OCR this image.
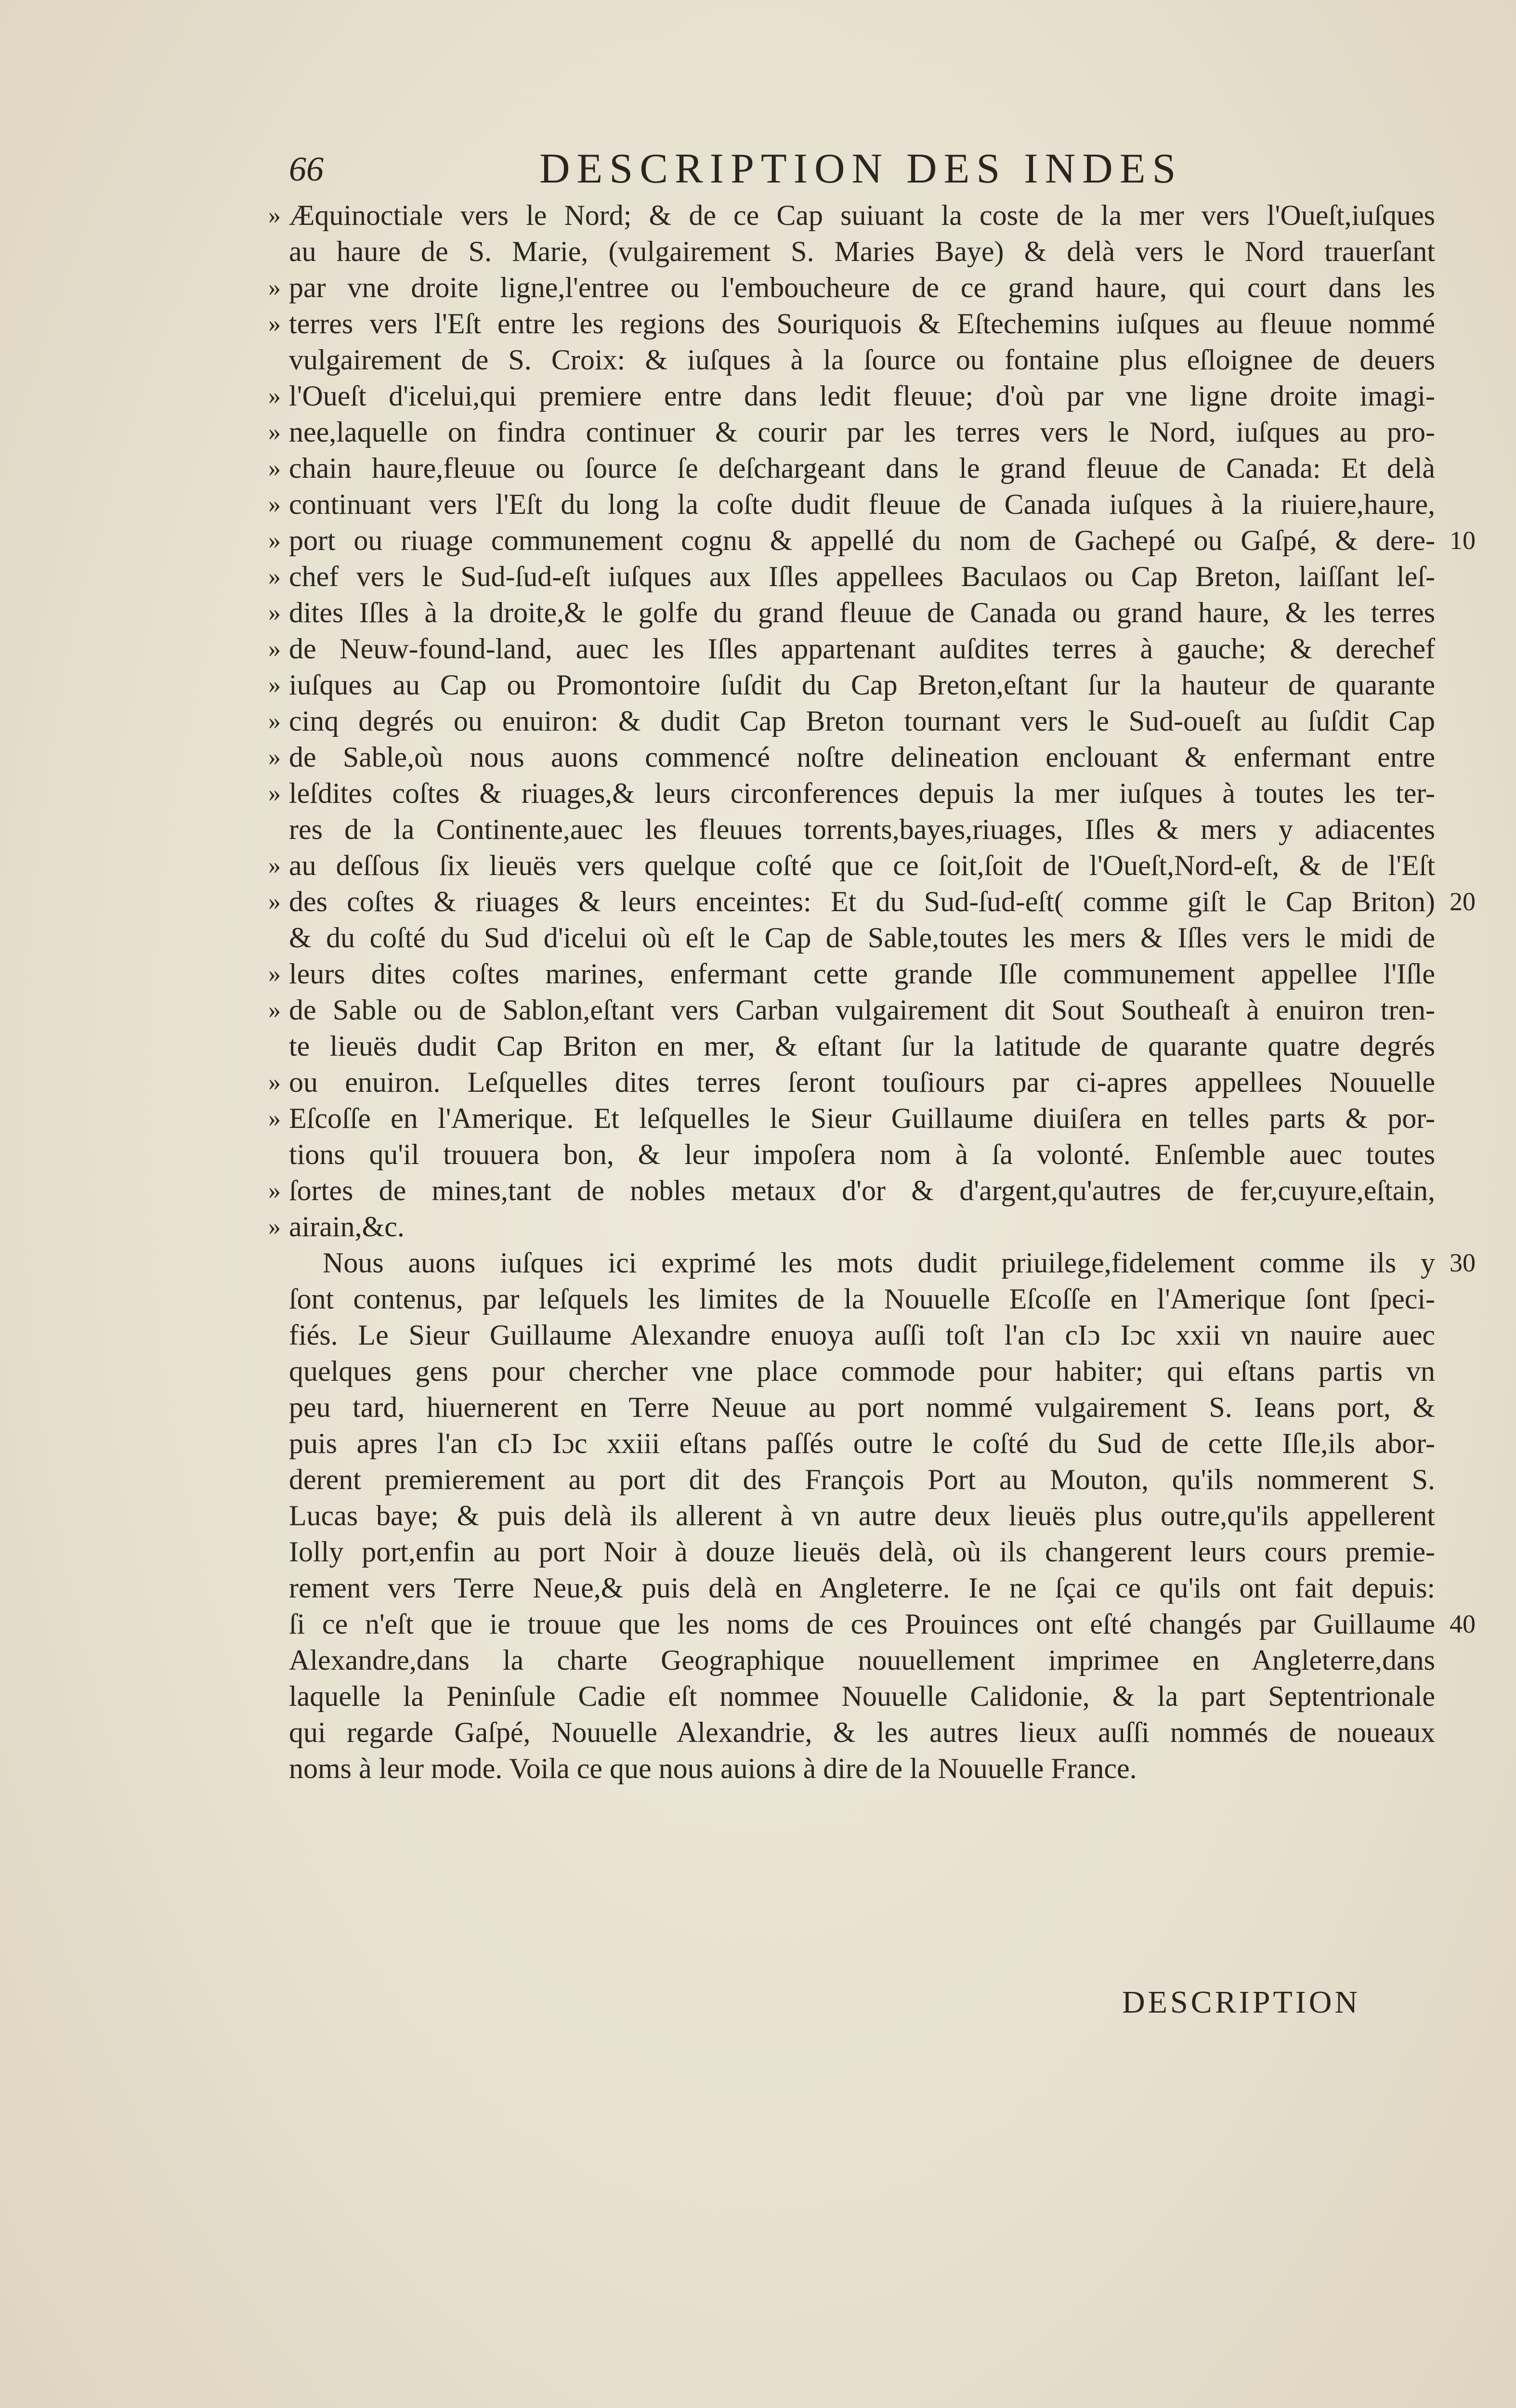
66	DESCRIPTION DES INDES
» Æquinoctiale vers le Nord; & de ce Cap suiuant la coste de la mer vers l'Oueſt,iuſques
au haure de S. Marie, (vulgairement S. Maries Baye) & delà vers le Nord trauerſant
» par vne droite ligne,l'entree ou l'embouchеure de ce grand haure, qui court dans les
» terres vers l'Eſt entre les regions des Souriquois & Eſtechemins iuſques au fleuue nommé
vulgairement de S. Croix: & iuſques à la ſource ou fontaine plus eſloignee de deuers
» l'Oueſt d'icelui,qui premiere entre dans ledit fleuue; d'où par vne ligne droite imagi-
» nee,laquelle on findra continuer & courir par les terres vers le Nord, iuſques au pro-
» chain haure,fleuue ou ſource ſe deſchargeant dans le grand fleuue de Canada: Et delà
» continuant vers l'Eſt du long la coſte dudit fleuue de Canada iuſques à la riuiere,haure,
» port ou riuage communement cognu & appellé du nom de Gachepé ou Gaſpé, & dere- 10
» chef vers le Sud-ſud-eſt iuſques aux Iſles appellees Baculaos ou Cap Breton, laiſſant leſ-
» dites Iſles à la droite,& le golfe du grand fleuue de Canada ou grand haure, & les terres
» de Neuw-found-land, auec les Iſles appartenant auſdites terres à gauche; & derechef
» iuſques au Cap ou Promontoire ſuſdit du Cap Breton,eſtant ſur la hauteur de quarante
» cinq degrés ou enuiron: & dudit Cap Breton tournant vers le Sud-oueſt au ſuſdit Cap
» de Sable,où nous auons commencé noſtre delineation enclouant & enfermant entre
» leſdites coſtes & riuages,& leurs circonferences depuis la mer iuſques à toutes les ter-
res de la Continente,auec les fleuues torrents,bayes,riuages, Iſles & mers y adiacentes
» au deſſous ſix lieuës vers quelque coſté que ce ſoit,ſoit de l'Oueſt,Nord-eſt, & de l'Eſt
» des coſtes & riuages & leurs enceintes: Et du Sud-ſud-eſt( comme giſt le Cap Briton) 20
& du coſté du Sud d'icelui où eſt le Cap de Sable,toutes les mers & Iſles vers le midi de
» leurs dites coſtes marines, enfermant cette grande Iſle communement appellee l'Iſle
» de Sable ou de Sablon,eſtant vers Carban vulgairement dit Sout Southeaſt à enuiron tren-
te lieuës dudit Cap Briton en mer, & eſtant ſur la latitude de quarante quatre degrés
» ou enuiron. Leſquelles dites terres ſeront touſiours par ci-apres appellees Nouuelle
» Eſcoſſe en l'Amerique. Et leſquelles le Sieur Guillaume diuiſera en telles parts & por-
tions qu'il trouuera bon, & leur impoſera nom à ſa volonté. Enſemble auec toutes
» ſortes de mines,tant de nobles metaux d'or & d'argent,qu'autres de fer,cuyure,eſtain,
» airain,&c.
Nous auons iuſques ici exprimé les mots dudit priuilege,fidelement comme ils y 30
ſont contenus, par leſquels les limites de la Nouuelle Eſcoſſe en l'Amerique ſont ſpeci-
fiés. Le Sieur Guillaume Alexandre enuoya auſſi toſt l'an cIɔ Iɔc xxii vn nauire auec
quelques gens pour chercher vne place commode pour habiter; qui eſtans partis vn
peu tard, hiuernerent en Terre Neuue au port nommé vulgairement S. Ieans port, &
puis apres l'an cIɔ Iɔc xxiii eſtans paſſés outre le coſté du Sud de cette Iſle,ils abor-
derent premierement au port dit des François Port au Mouton, qu'ils nommerent S.
Lucas baye; & puis delà ils allerent à vn autre deux lieuës plus outre,qu'ils appellerent
Iolly port,enfin au port Noir à douze lieuës delà, où ils changerent leurs cours premie-
rement vers Terre Neue,& puis delà en Angleterre. Ie ne ſçai ce qu'ils ont fait depuis:
ſi ce n'eſt que ie trouue que les noms de ces Prouinces ont eſté changés par Guillaume 40
Alexandre,dans la charte Geographique nouuellement imprimee en Angleterre,dans
laquelle la Peninſule Cadie eſt nommee Nouuelle Calidonie, & la part Septentrionale
qui regarde Gaſpé, Nouuelle Alexandrie, & les autres lieux auſſi nommés de noueaux
noms à leur mode. Voila ce que nous auions à dire de la Nouuelle France.
DESCRIPTION
